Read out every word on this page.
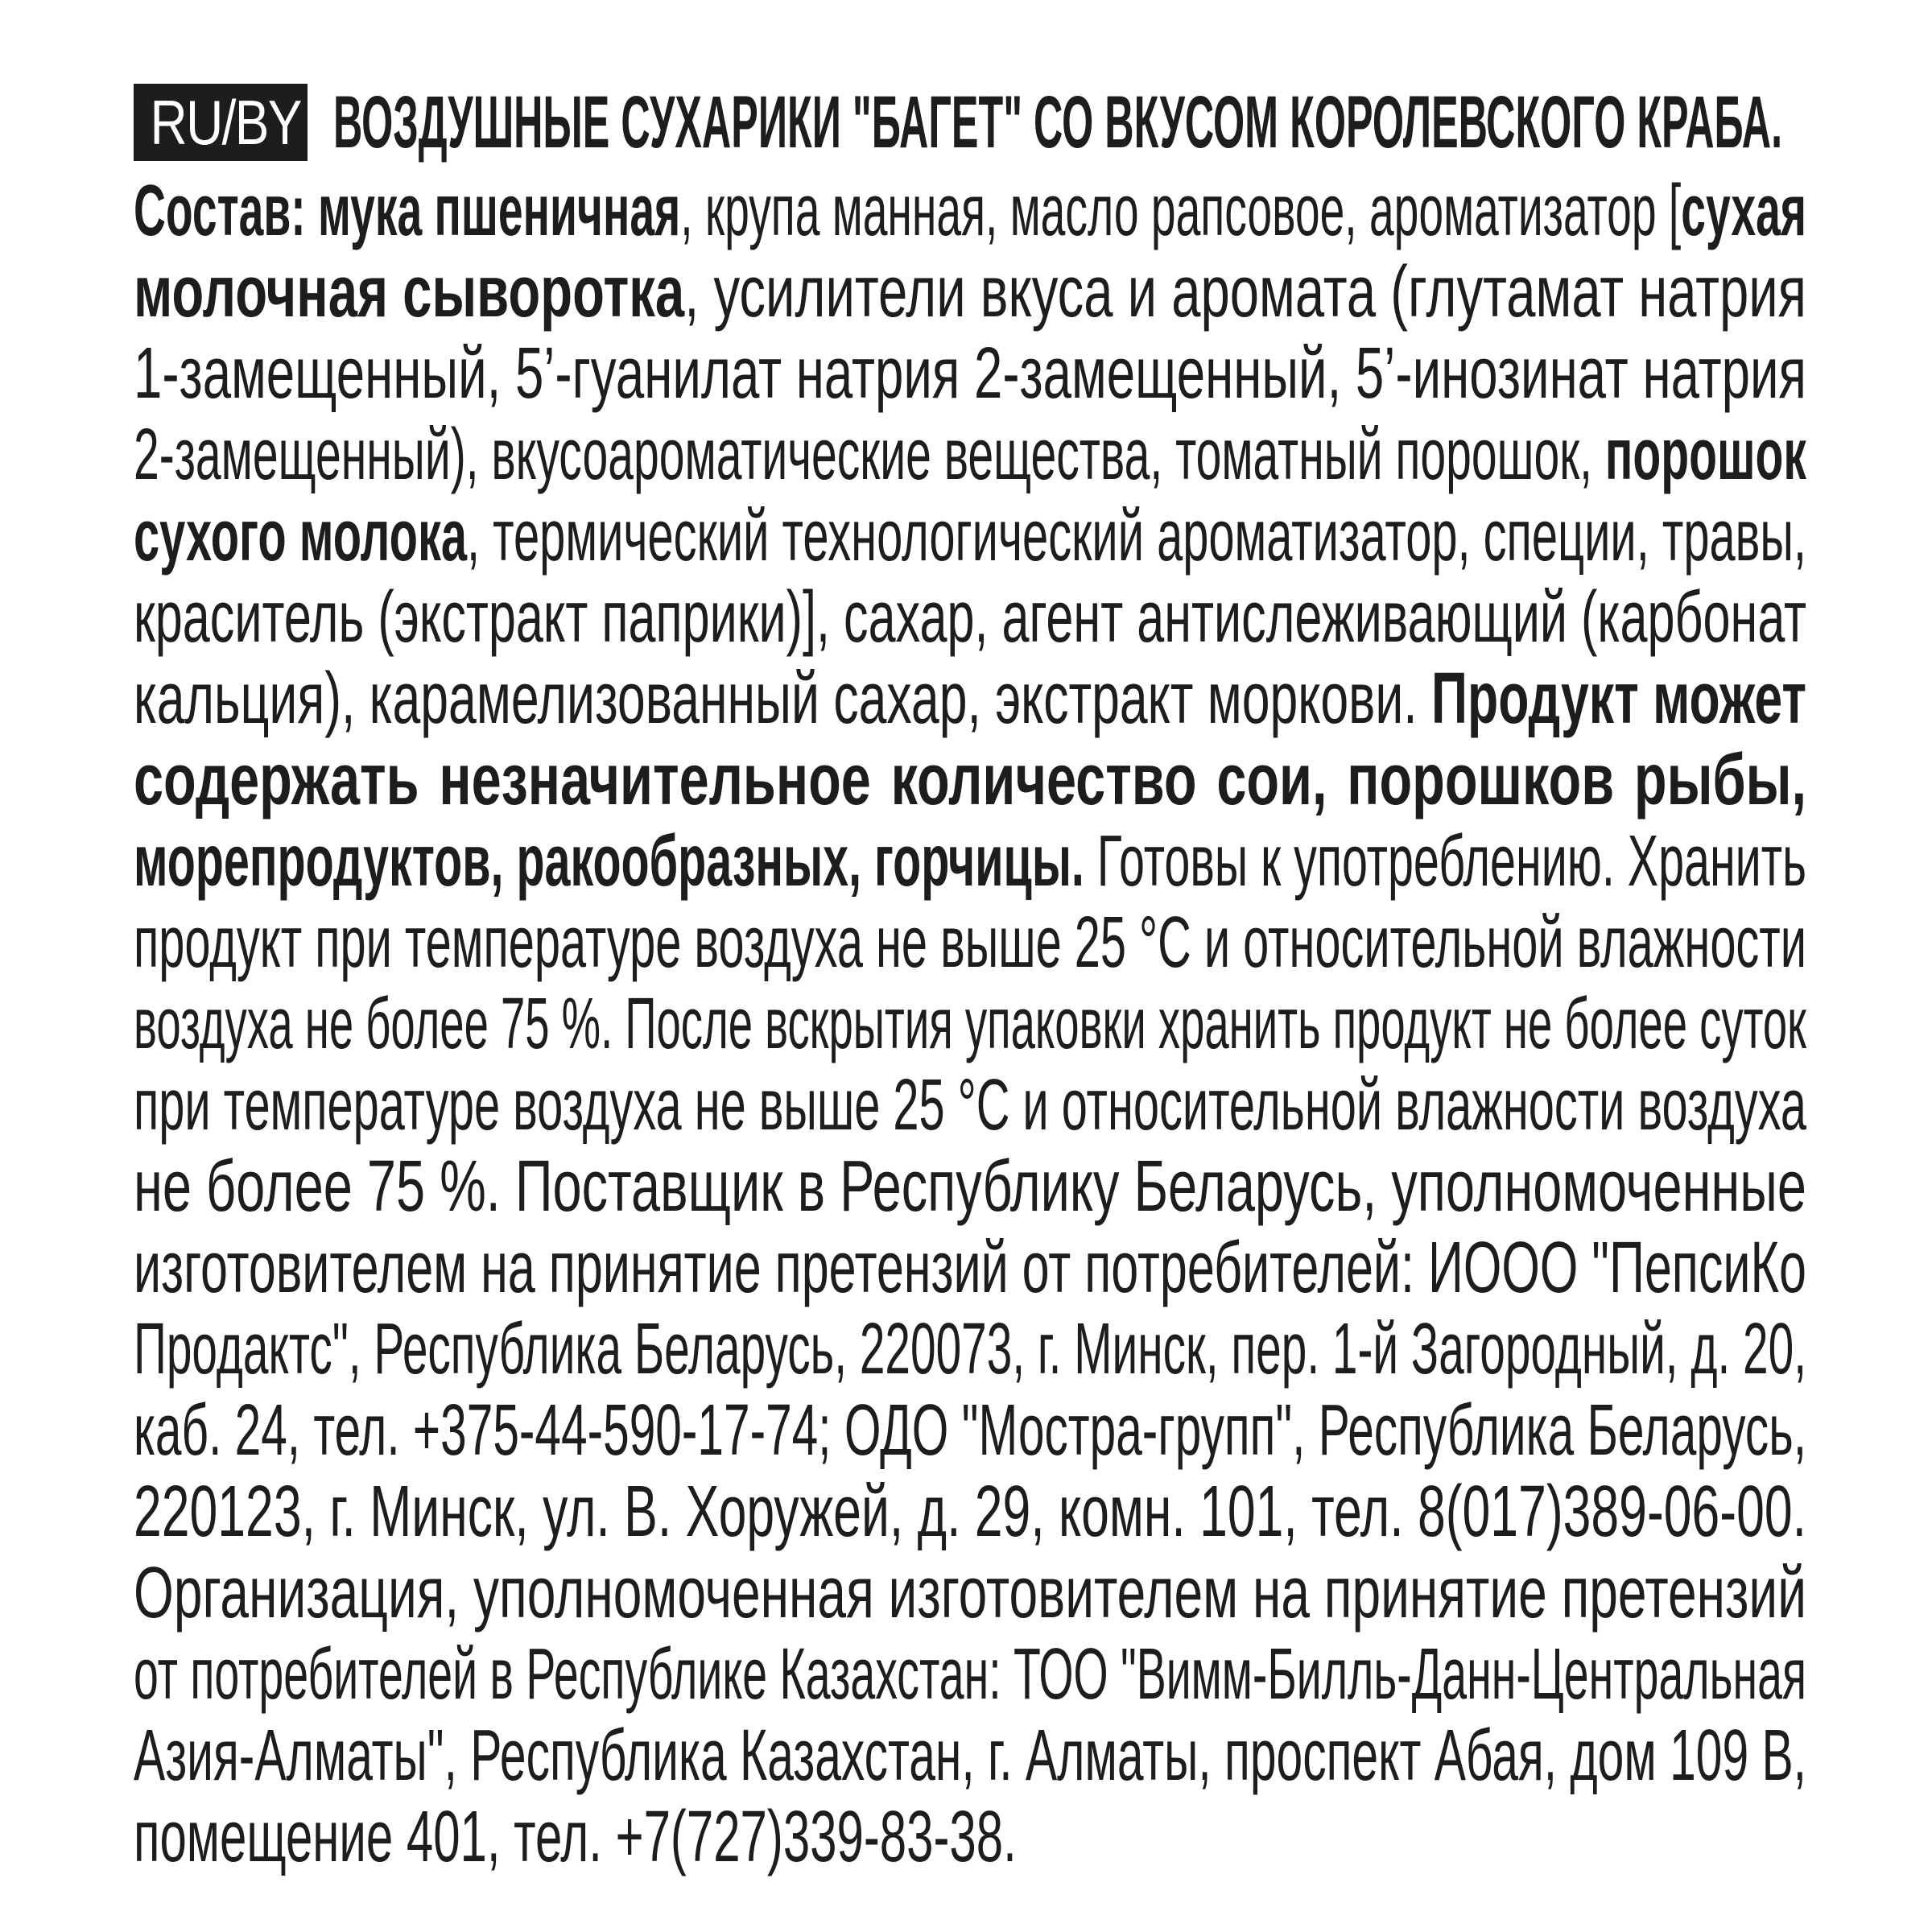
RU/BY ВОЗДУШНЫЕ СУХАРИКИ "БАГЕТ" СО ВКУСОМ КОРОЛЕВСКОГО КРАБА.
Состав: мука пшеничная, крупа манная, масло рапсовое, ароматизатор [сухая
молочная сыворотка, усилители вкуса и аромата (глутамат натрия
1-замещенный, 5’-гуанилат натрия 2-замещенный, 5’-инозинат натрия
2-замещенный), вкусоароматические вещества, томатный порошок, порошок
сухого молока, термический технологический ароматизатор, специи, травы,
краситель (экстракт паприки)], сахар, агент антислеживающий (карбонат
кальция), карамелизованный сахар, экстракт моркови. Продукт может
содержать незначительное количество сои, порошков рыбы,
морепродуктов, ракообразных, горчицы. Готовы к употреблению. Хранить
продукт при температуре воздуха не выше 25 °С и относительной влажности
воздуха не более 75 %. После вскрытия упаковки хранить продукт не более суток
при температуре воздуха не выше 25 °С и относительной влажности воздуха
не более 75 %. Поставщик в Республику Беларусь, уполномоченные
изготовителем на принятие претензий от потребителей: ИООО "ПепсиКо
Продактс", Республика Беларусь, 220073, г. Минск, пер. 1-й Загородный, д. 20,
каб. 24, тел. +375-44-590-17-74; ОДО "Мостра-групп", Республика Беларусь,
220123, г. Минск, ул. В. Хоружей, д. 29, комн. 101, тел. 8(017)389-06-00.
Организация, уполномоченная изготовителем на принятие претензий
от потребителей в Республике Казахстан: ТОО "Вимм-Билль-Данн-Центральная
Азия-Алматы", Республика Казахстан, г. Алматы, проспект Абая, дом 109 В,
помещение 401, тел. +7(727)339-83-38.
